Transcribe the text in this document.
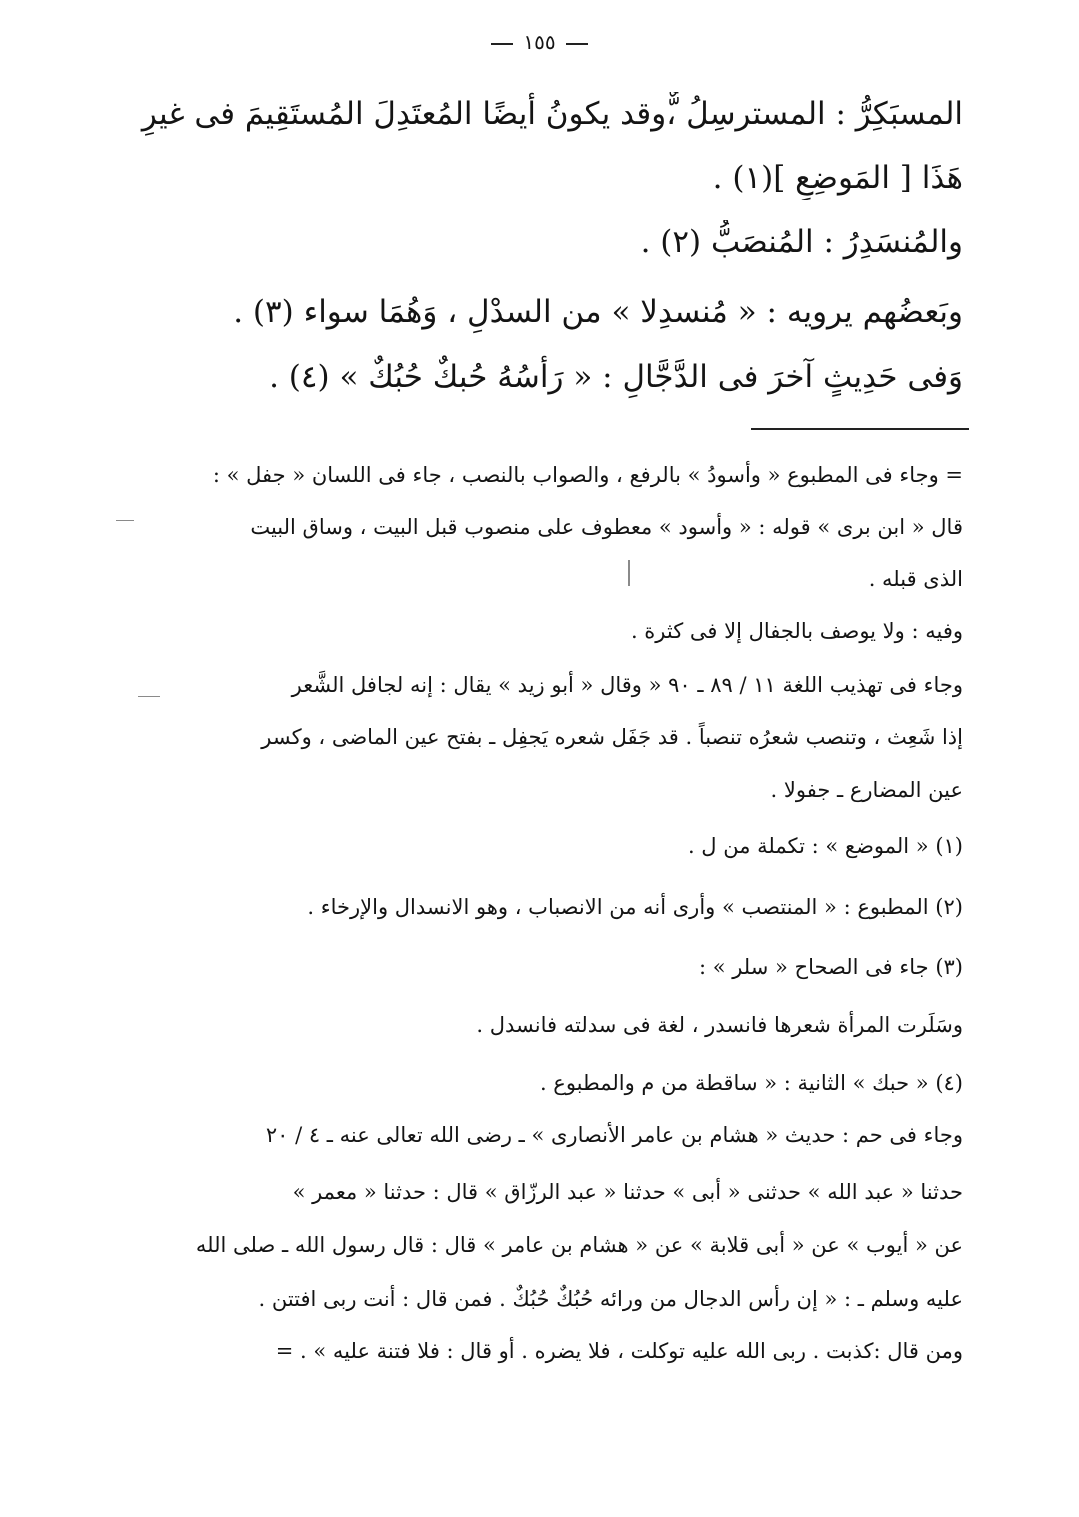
١٥٥
المسبَكِرُّ : المسترسِلُ ،ٌّوقد يكونُ أيضًا المُعتَدِلَ المُستَقِيمَ فى غيرِ
هَذَا [ المَوضِعِ ](١) .
والمُنسَدِرُ : المُنصَبُّ (٢) .
وبَعضُهم يرويه : « مُنسدِلا » من السدْلِ ، وَهُمَا سواء (٣) .
وَفى حَدِيثٍ آخرَ فى الدَّجَّالِ : « رَأْسُهُ حُبكٌ حُبُكٌ » (٤) .
= وجاء فى المطبوع « وأسودُ » بالرفع ، والصواب بالنصب ، جاء فى اللسان « جفل » :
قال « ابن برى » قوله : « وأسود » معطوف على منصوب قبل البيت ، وساق البيت
الذى قبله .
وفيه : ولا يوصف بالجفال إلا فى كثرة .
وجاء فى تهذيب اللغة ١١ / ٨٩ ـ ٩٠ « وقال « أبو زيد » يقال : إنه لجافل الشَّعر
إذا شَعِث ، وتنصب شعرُه تنصباً . قد جَفَل شعره يَجفِل ـ بفتح عين الماضى ، وكسر
عين المضارع ـ جفولا .
(١) « الموضع » : تكملة من ل .
(٢) المطبوع : « المنتصب » وأرى أنه من الانصباب ، وهو الانسدال والإرخاء .
(٣) جاء فى الصحاح « سلر » :
وسَلَرت المرأة شعرها فانسدر ، لغة فى سدلته فانسدل .
(٤) « حبك » الثانية : « ساقطة من م والمطبوع .
وجاء فى حم : حديث « هشام بن عامر الأنصارى » ـ رضى الله تعالى عنه ـ ٤ / ٢٠
حدثنا « عبد الله » حدثنى « أبى » حدثنا « عبد الرزّاق » قال : حدثنا « معمر »
عن « أيوب » عن « أبى قلابة » عن « هشام بن عامر » قال : قال رسول الله ـ صلى الله
عليه وسلم ـ : « إن رأس الدجال من ورائه حُبُكٌ حُبُكٌ . فمن قال : أنت ربى افتتن .
ومن قال :كذبت . ربى الله عليه توكلت ، فلا يضره . أو قال : فلا فتنة عليه » . =
